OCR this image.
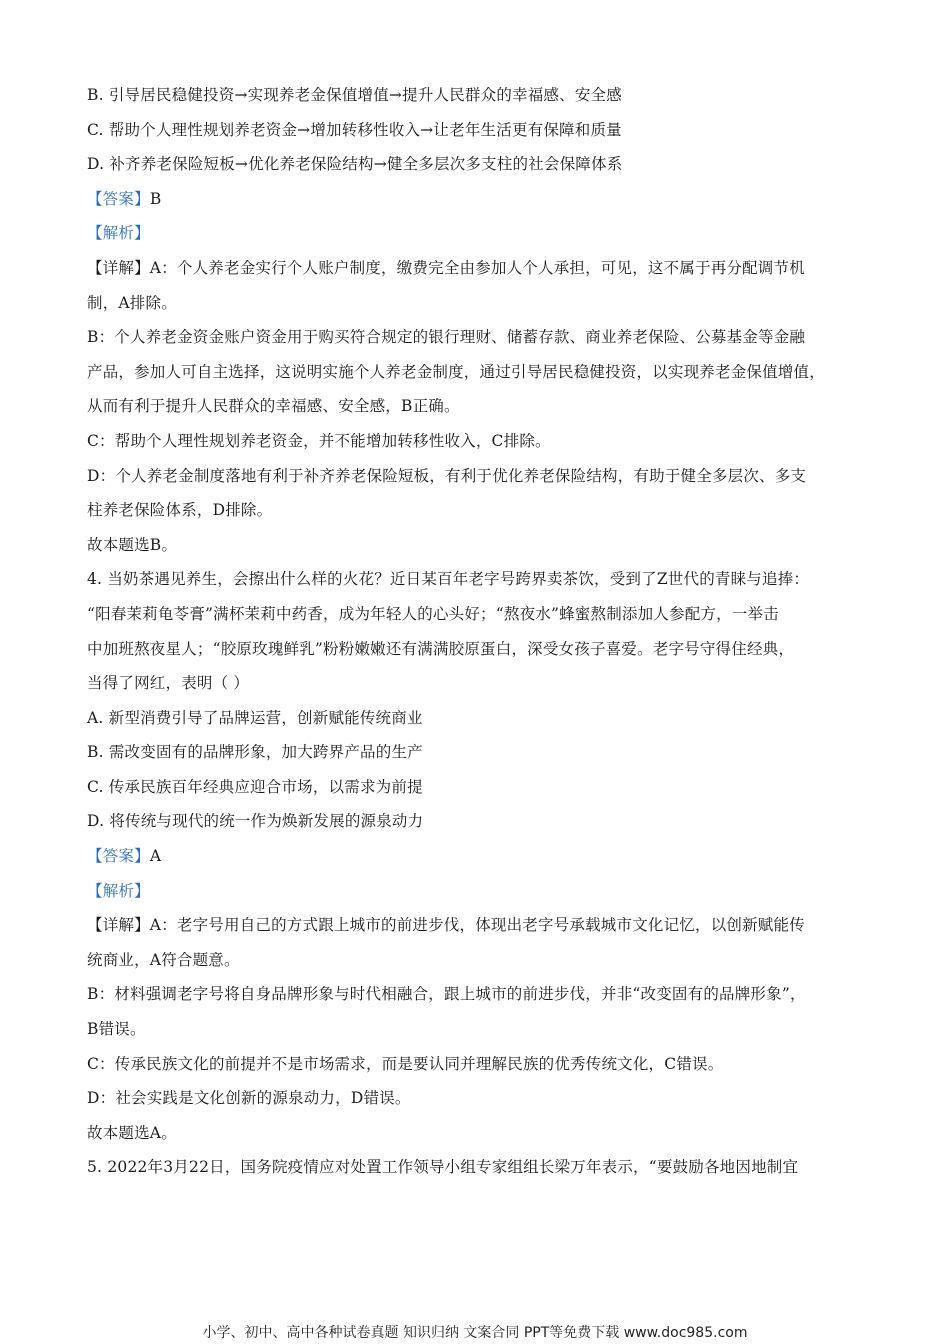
B. 引导居民稳健投资→实现养老金保值增值→提升人民群众的幸福感、安全感
C. 帮助个人理性规划养老资金→增加转移性收入→让老年生活更有保障和质量
D. 补齐养老保险短板→优化养老保险结构→健全多层次多支柱的社会保障体系
【答案】B
【解析】
【详解】A：个人养老金实行个人账户制度，缴费完全由参加人个人承担，可见，这不属于再分配调节机
制，A排除。
B：个人养老金资金账户资金用于购买符合规定的银行理财、储蓄存款、商业养老保险、公募基金等金融
产品，参加人可自主选择，这说明实施个人养老金制度，通过引导居民稳健投资，以实现养老金保值增值，
从而有利于提升人民群众的幸福感、安全感，B正确。
C：帮助个人理性规划养老资金，并不能增加转移性收入，C排除。
D：个人养老金制度落地有利于补齐养老保险短板，有利于优化养老保险结构，有助于健全多层次、多支
柱养老保险体系，D排除。
故本题选B。
4. 当奶茶遇见养生，会擦出什么样的火花？近日某百年老字号跨界卖茶饮，受到了Z世代的青睐与追捧：
“阳春茉莉龟苓膏”满杯茉莉中药香，成为年轻人的心头好；“熬夜水”蜂蜜熬制添加人参配方，一举击
中加班熬夜星人；“胶原玫瑰鲜乳”粉粉嫩嫩还有满满胶原蛋白，深受女孩子喜爱。老字号守得住经典，
当得了网红，表明（ ）
A. 新型消费引导了品牌运营，创新赋能传统商业
B. 需改变固有的品牌形象，加大跨界产品的生产
C. 传承民族百年经典应迎合市场，以需求为前提
D. 将传统与现代的统一作为焕新发展的源泉动力
【答案】A
【解析】
【详解】A：老字号用自己的方式跟上城市的前进步伐，体现出老字号承载城市文化记忆，以创新赋能传
统商业，A符合题意。
B：材料强调老字号将自身品牌形象与时代相融合，跟上城市的前进步伐，并非“改变固有的品牌形象”，
B错误。
C：传承民族文化的前提并不是市场需求，而是要认同并理解民族的优秀传统文化，C错误。
D：社会实践是文化创新的源泉动力，D错误。
故本题选A。
5. 2022年3月22日，国务院疫情应对处置工作领导小组专家组组长梁万年表示，“要鼓励各地因地制宜
小学、初中、高中各种试卷真题 知识归纳 文案合同 PPT等免费下载 www.doc985.com
